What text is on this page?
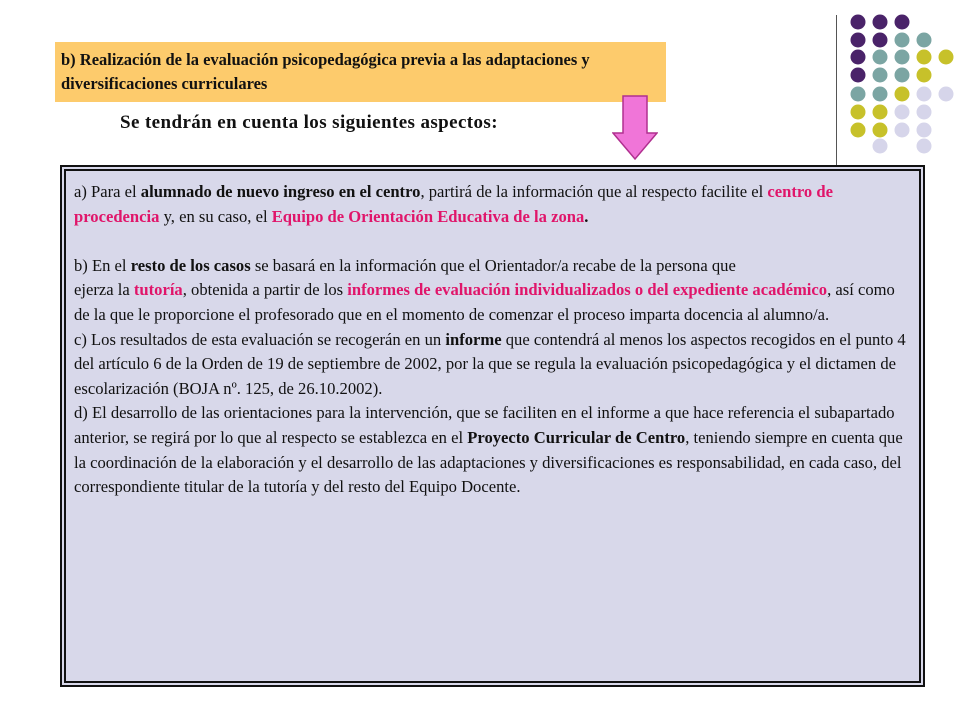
b) Realización de la evaluación psicopedagógica previa a las adaptaciones y diversificaciones curriculares
Se tendrán en cuenta los siguientes aspectos:

a) Para el alumnado de nuevo ingreso en el centro, partirá de la información que al respecto facilite el centro de procedencia y, en su caso, el Equipo de Orientación Educativa de la zona.

b) En el resto de los casos se basará en la información que el Orientador/a recabe de la persona que

ejerza la tutoría, obtenida a partir de los informes de evaluación individualizados o del expediente académico, así como de la que le proporcione el profesorado que en el momento de comenzar el proceso imparta docencia al alumno/a.

c) Los resultados de esta evaluación se recogerán en un informe que contendrá al menos los aspectos recogidos en el punto 4 del artículo 6 de la Orden de 19 de septiembre de 2002, por la que se regula la evaluación psicopedagógica y el dictamen de escolarización (BOJA nº. 125, de 26.10.2002).

d) El desarrollo de las orientaciones para la intervención, que se faciliten en el informe a que hace referencia el subapartado anterior, se regirá por lo que al respecto se establezca en el Proyecto Curricular de Centro, teniendo siempre en cuenta que la coordinación de la elaboración y el desarrollo de las adaptaciones y diversificaciones es responsabilidad, en cada caso, del correspondiente titular de la tutoría y del resto del Equipo Docente.
